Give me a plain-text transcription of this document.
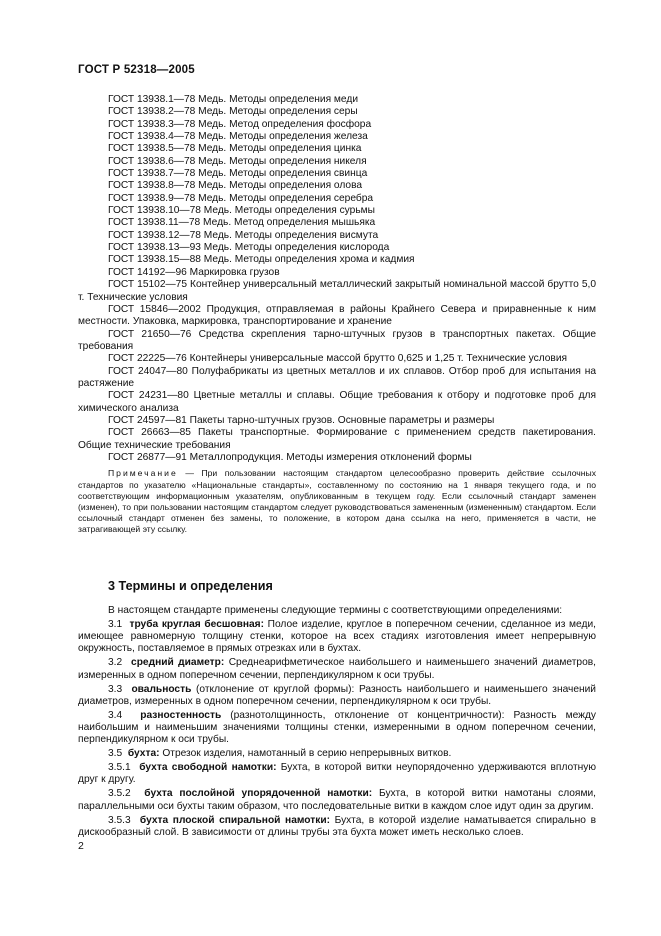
ГОСТ Р 52318—2005
ГОСТ 13938.1—78 Медь. Методы определения меди
ГОСТ 13938.2—78 Медь. Методы определения серы
ГОСТ 13938.3—78 Медь. Метод определения фосфора
ГОСТ 13938.4—78 Медь. Методы определения железа
ГОСТ 13938.5—78 Медь. Методы определения цинка
ГОСТ 13938.6—78 Медь. Методы определения никеля
ГОСТ 13938.7—78 Медь. Методы определения свинца
ГОСТ 13938.8—78 Медь. Методы определения олова
ГОСТ 13938.9—78 Медь. Методы определения серебра
ГОСТ 13938.10—78 Медь. Методы определения сурьмы
ГОСТ 13938.11—78 Медь. Метод определения мышьяка
ГОСТ 13938.12—78 Медь. Методы определения висмута
ГОСТ 13938.13—93 Медь. Методы определения кислорода
ГОСТ 13938.15—88 Медь. Методы определения хрома и кадмия
ГОСТ 14192—96 Маркировка грузов
ГОСТ 15102—75 Контейнер универсальный металлический закрытый номинальной массой брутто 5,0 т. Технические условия
ГОСТ 15846—2002 Продукция, отправляемая в районы Крайнего Севера и приравненные к ним местности. Упаковка, маркировка, транспортирование и хранение
ГОСТ 21650—76 Средства скрепления тарно-штучных грузов в транспортных пакетах. Общие требования
ГОСТ 22225—76 Контейнеры универсальные массой брутто 0,625 и 1,25 т. Технические условия
ГОСТ 24047—80 Полуфабрикаты из цветных металлов и их сплавов. Отбор проб для испытания на растяжение
ГОСТ 24231—80 Цветные металлы и сплавы. Общие требования к отбору и подготовке проб для химического анализа
ГОСТ 24597—81 Пакеты тарно-штучных грузов. Основные параметры и размеры
ГОСТ 26663—85 Пакеты транспортные. Формирование с применением средств пакетирования. Общие технические требования
ГОСТ 26877—91 Металлопродукция. Методы измерения отклонений формы
Примечание — При пользовании настоящим стандартом целесообразно проверить действие ссылочных стандартов по указателю «Национальные стандарты», составленному по состоянию на 1 января текущего года, и по соответствующим информационным указателям, опубликованным в текущем году. Если ссылочный стандарт заменен (изменен), то при пользовании настоящим стандартом следует руководствоваться замененным (измененным) стандартом. Если ссылочный стандарт отменен без замены, то положение, в котором дана ссылка на него, применяется в части, не затрагивающей эту ссылку.
3 Термины и определения
В настоящем стандарте применены следующие термины с соответствующими определениями:
3.1 труба круглая бесшовная: Полое изделие, круглое в поперечном сечении, сделанное из меди, имеющее равномерную толщину стенки, которое на всех стадиях изготовления имеет непрерывную окружность, поставляемое в прямых отрезках или в бухтах.
3.2 средний диаметр: Среднеарифметическое наибольшего и наименьшего значений диаметров, измеренных в одном поперечном сечении, перпендикулярном к оси трубы.
3.3 овальность (отклонение от круглой формы): Разность наибольшего и наименьшего значений диаметров, измеренных в одном поперечном сечении, перпендикулярном к оси трубы.
3.4 разностенность (разнотолщинность, отклонение от концентричности): Разность между наибольшим и наименьшим значениями толщины стенки, измеренными в одном поперечном сечении, перпендикулярном к оси трубы.
3.5 бухта: Отрезок изделия, намотанный в серию непрерывных витков.
3.5.1 бухта свободной намотки: Бухта, в которой витки неупорядоченно удерживаются вплотную друг к другу.
3.5.2 бухта послойной упорядоченной намотки: Бухта, в которой витки намотаны слоями, параллельными оси бухты таким образом, что последовательные витки в каждом слое идут один за другим.
3.5.3 бухта плоской спиральной намотки: Бухта, в которой изделие наматывается спирально в дискообразный слой. В зависимости от длины трубы эта бухта может иметь несколько слоев.
2
